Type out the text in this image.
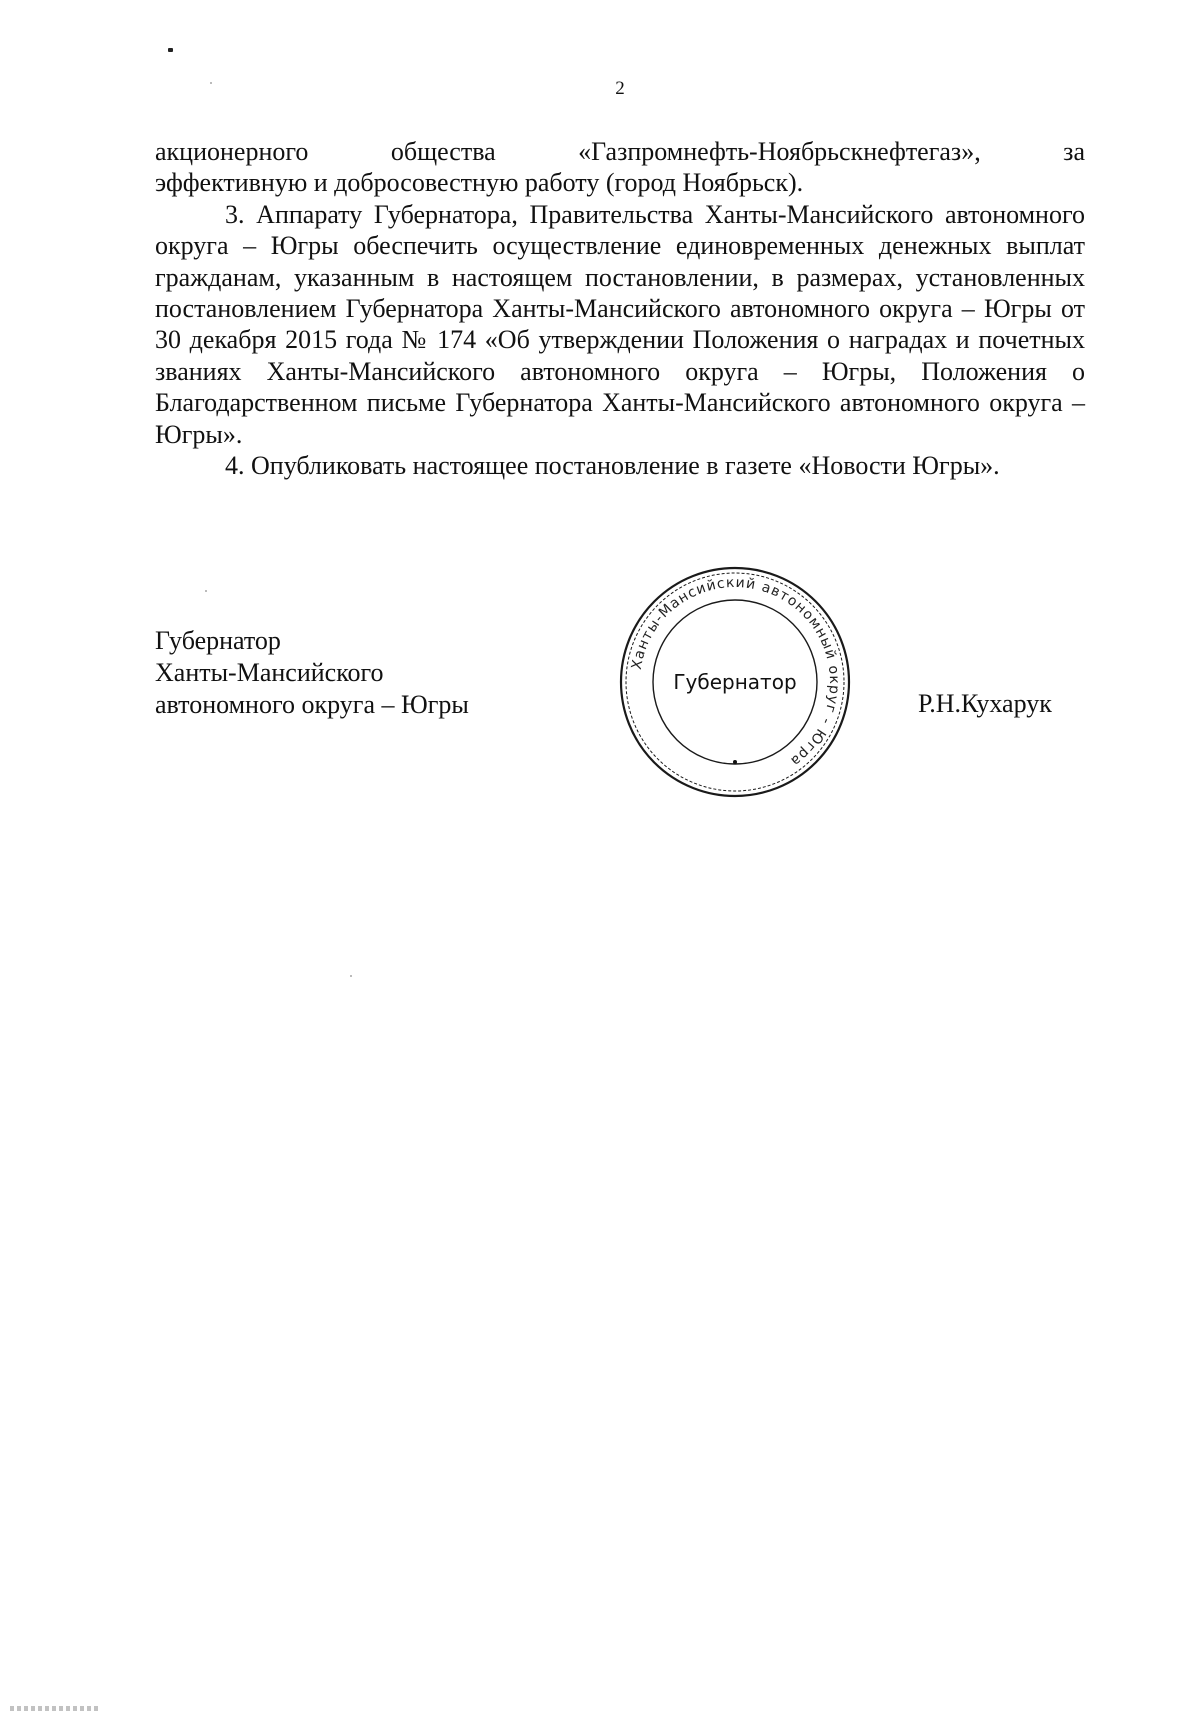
2
акционерного	общества	«Газпромнефть-Ноябрьскнефтегаз»,	за

эффективную и добросовестную работу (город Ноябрьск).

3. Аппарату Губернатора, Правительства Ханты-Мансийского автономного округа – Югры обеспечить осуществление единовременных денежных выплат гражданам, указанным в настоящем постановлении, в размерах, установленных постановлением Губернатора Ханты-Мансийского автономного округа – Югры от 30 декабря 2015 года № 174 «Об утверждении Положения о наградах и почетных званиях Ханты-Мансийского автономного округа – Югры, Положения о Благодарственном письме Губернатора Ханты-Мансийского автономного округа – Югры».

4. Опубликовать настоящее постановление в газете «Новости Югры».

Губернатор
Ханты-Мансийского
автономного округа – Югры
Ханты-Мансийский автономный округ - Югра
Губернатор
Р.Н.Кухарук
